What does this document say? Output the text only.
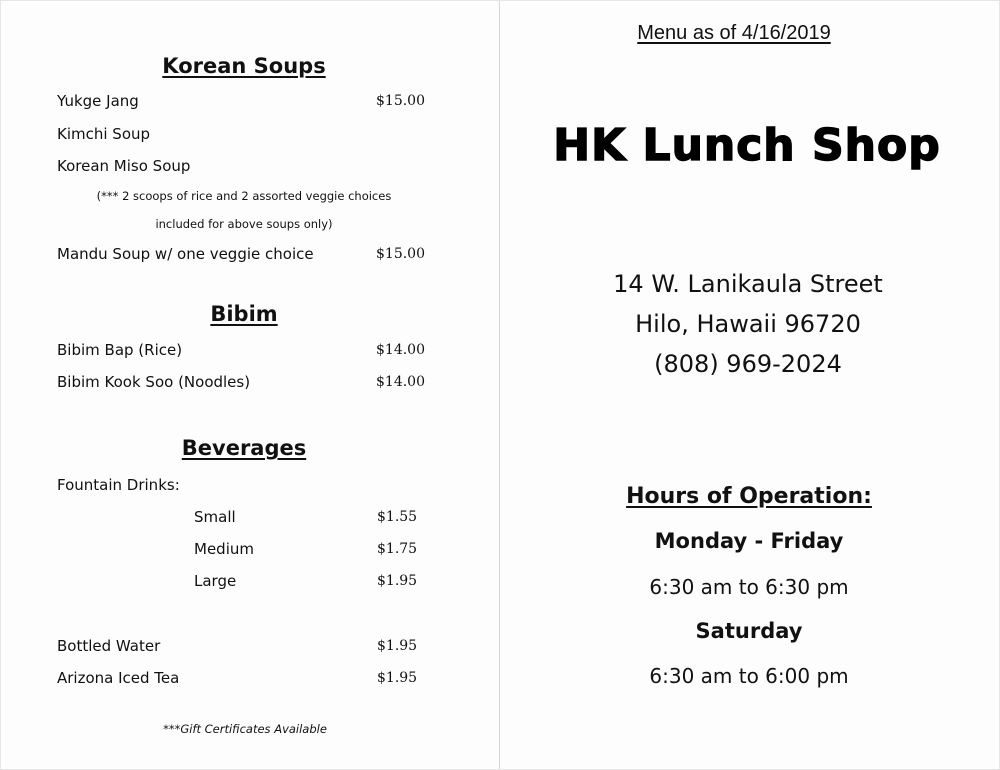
Korean Soups
Yukge Jang	$15.00
Kimchi Soup
Korean Miso Soup
(*** 2 scoops of rice and 2 assorted veggie choices
included for above soups only)
Mandu Soup w/ one veggie choice	$15.00
Bibim
Bibim Bap (Rice)	$14.00
Bibim Kook Soo (Noodles)	$14.00
Beverages
Fountain Drinks:
Small	$1.55
Medium	$1.75
Large	$1.95
Bottled Water	$1.95
Arizona Iced Tea	$1.95
***Gift Certificates Available
Menu as of 4/16/2019
HK Lunch Shop
14 W. Lanikaula Street
Hilo, Hawaii 96720
(808) 969-2024
Hours of Operation:
Monday - Friday
6:30 am to 6:30 pm
Saturday
6:30 am to 6:00 pm
